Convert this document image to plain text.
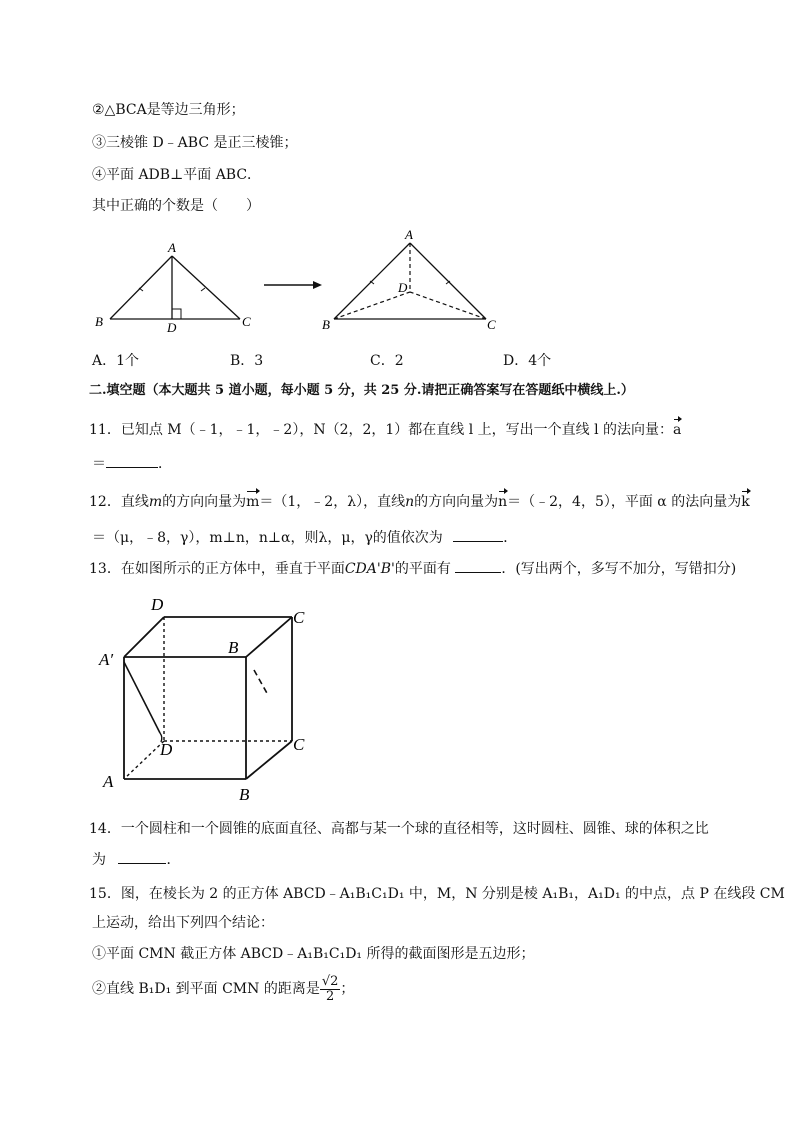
②△BCA是等边三角形；
③三棱锥 D﹣ABC 是正三棱锥；
④平面 ADB⊥平面 ABC．
其中正确的个数是（　　）
A
B	C
D
A
B	C
D
A．1个	B．3	C．2	D．4个
二.填空题（本大题共 5 道小题，每小题 5 分，共 25 分.请把正确答案写在答题纸中横线上.）
11．已知点 M（﹣1，﹣1，﹣2），N（2，2，1）都在直线 l 上，写出一个直线 l 的法向量：a
＝	．
12．直线m的方向向量为m＝（1，﹣2，λ），直线n的方向向量为n＝（﹣2，4，5），平面 α 的法向量为k
＝（μ，﹣8，γ），m⊥n，n⊥α，则λ，μ，γ的值依次为	．
13．在如图所示的正方体中，垂直于平面CDA'B'的平面有	．(写出两个，多写不加分，写错扣分)
D
C
A′
B
D	C
A
B
14．一个圆柱和一个圆锥的底面直径、高都与某一个球的直径相等，这时圆柱、圆锥、球的体积之比
为	．
15．图，在棱长为 2 的正方体 ABCD﹣A₁B₁C₁D₁ 中，M，N 分别是棱 A₁B₁，A₁D₁ 的中点，点 P 在线段 CM
上运动，给出下列四个结论：
①平面 CMN 截正方体 ABCD﹣A₁B₁C₁D₁ 所得的截面图形是五边形；
②直线 B₁D₁ 到平面 CMN 的距离是 $\frac{√2}{2}$ ；
